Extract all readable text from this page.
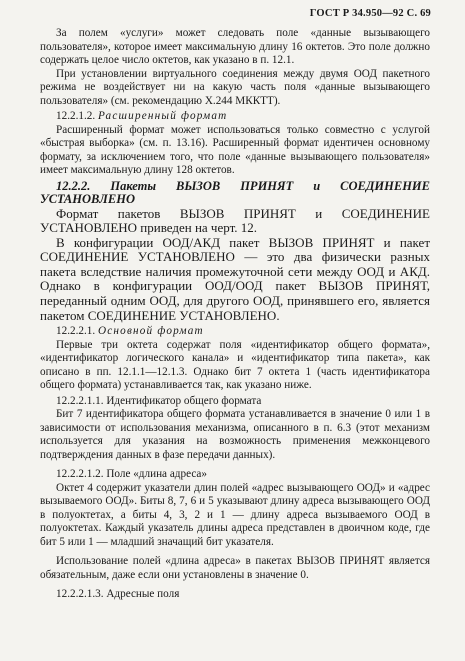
ГОСТ Р 34.950—92 С. 69

За полем «услуги» может следовать поле «данные вызывающего пользователя», которое имеет максимальную длину 16 октетов. Это поле должно содержать целое число октетов, как указано в п. 12.1.

При установлении виртуального соединения между двумя ООД пакетного режима не воздействует ни на какую часть поля «данные вызывающего пользователя» (см. рекомендацию Х.244 МККТТ).

12.2.1.2. Расширенный формат

Расширенный формат может использоваться только совместно с услугой «быстрая выборка» (см. п. 13.16). Расширенный формат идентичен основному формату, за исключением того, что поле «данные вызывающего пользователя» имеет максимальную длину 128 октетов.

12.2.2. Пакеты ВЫЗОВ ПРИНЯТ и СОЕДИНЕНИЕ УСТАНОВЛЕНО

Формат пакетов ВЫЗОВ ПРИНЯТ и СОЕДИНЕНИЕ УСТАНОВЛЕНО приведен на черт. 12.

В конфигурации ООД/АКД пакет ВЫЗОВ ПРИНЯТ и пакет СОЕДИНЕНИЕ УСТАНОВЛЕНО — это два физически разных пакета вследствие наличия промежуточной сети между ООД и АКД. Однако в конфигурации ООД/ООД пакет ВЫЗОВ ПРИНЯТ, переданный одним ООД, для другого ООД, принявшего его, является пакетом СОЕДИНЕНИЕ УСТАНОВЛЕНО.

12.2.2.1. Основной формат

Первые три октета содержат поля «идентификатор общего формата», «идентификатор логического канала» и «идентификатор типа пакета», как описано в пп. 12.1.1—12.1.3. Однако бит 7 октета 1 (часть идентификатора общего формата) устанавливается так, как указано ниже.

12.2.2.1.1. Идентификатор общего формата

Бит 7 идентификатора общего формата устанавливается в значение 0 или 1 в зависимости от использования механизма, описанного в п. 6.3 (этот механизм используется для указания на возможность применения межконцевого подтверждения данных в фазе передачи данных).

12.2.2.1.2. Поле «длина адреса»

Октет 4 содержит указатели длин полей «адрес вызывающего ООД» и «адрес вызываемого ООД». Биты 8, 7, 6 и 5 указывают длину адреса вызывающего ООД в полуоктетах, а биты 4, 3, 2 и 1 — длину адреса вызываемого ООД в полуоктетах. Каждый указатель длины адреса представлен в двоичном коде, где бит 5 или 1 — младший значащий бит указателя.

Использование полей «длина адреса» в пакетах ВЫЗОВ ПРИНЯТ является обязательным, даже если они установлены в значение 0.

12.2.2.1.3. Адресные поля
